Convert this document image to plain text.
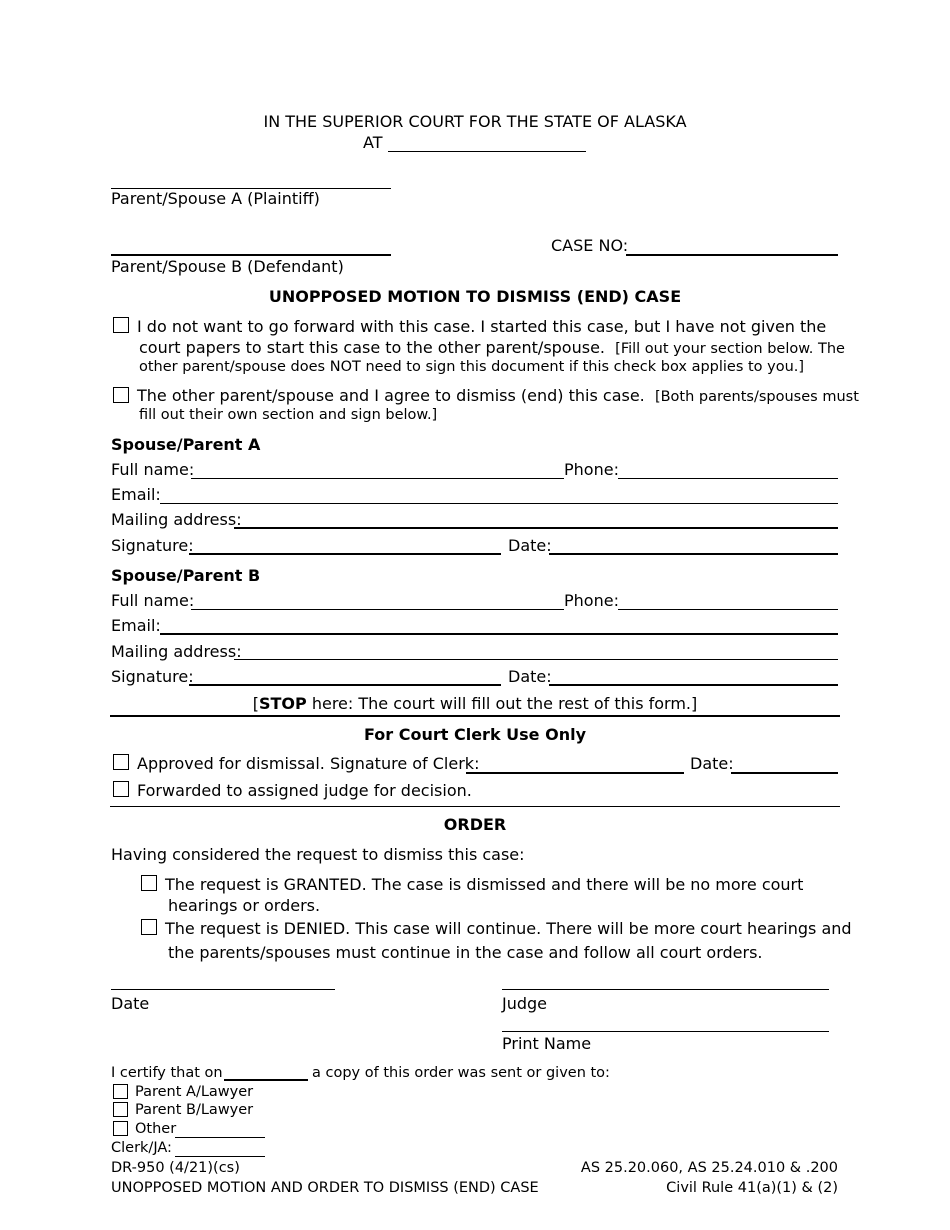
IN THE SUPERIOR COURT FOR THE STATE OF ALASKA
AT
Parent/Spouse A (Plaintiff)
Parent/Spouse B (Defendant)
CASE NO:
UNOPPOSED MOTION TO DISMISS (END) CASE
I do not want to go forward with this case. I started this case, but I have not given the
court papers to start this case to the other parent/spouse. [Fill out your section below. The
other parent/spouse does NOT need to sign this document if this check box applies to you.]
The other parent/spouse and I agree to dismiss (end) this case. [Both parents/spouses must
fill out their own section and sign below.]
Spouse/Parent A
Full name:	Phone:
Email:
Mailing address:
Signature:	Date:
Spouse/Parent B
Full name:	Phone:
Email:
Mailing address:
Signature:	Date:
[STOP here: The court will fill out the rest of this form.]
For Court Clerk Use Only
Approved for dismissal. Signature of Clerk:	Date:
Forwarded to assigned judge for decision.
ORDER
Having considered the request to dismiss this case:
The request is GRANTED. The case is dismissed and there will be no more court
hearings or orders.
The request is DENIED. This case will continue. There will be more court hearings and
the parents/spouses must continue in the case and follow all court orders.
Date	Judge
Print Name
I certify that on	a copy of this order was sent or given to:
Parent A/Lawyer
Parent B/Lawyer
Other
Clerk/JA:
DR-950 (4/21)(cs)
UNOPPOSED MOTION AND ORDER TO DISMISS (END) CASE
AS 25.20.060, AS 25.24.010 & .200
Civil Rule 41(a)(1) & (2)
